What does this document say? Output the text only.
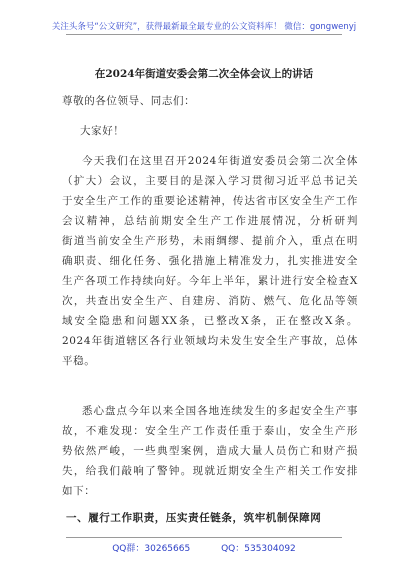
关注头条号“公文研究”，获得最新最全最专业的公文资料库！ 微信：gongwenyj
在2024年街道安委会第二次全体会议上的讲话
尊敬的各位领导、同志们：
大家好！
今天我们在这里召开2024年街道安委员会第二次全体
（扩大）会议，主要目的是深入学习贯彻习近平总书记关
于安全生产工作的重要论述精神，传达省市区安全生产工作
会议精神，总结前期安全生产工作进展情况，分析研判
街道当前安全生产形势，未雨绸缪、提前介入，重点在明
确职责、细化任务、强化措施上精准发力，扎实推进安全
生产各项工作持续向好。今年上半年，累计进行安全检查X
次，共查出安全生产、自建房、消防、燃气、危化品等领
域安全隐患和问题XX条，已整改X条，正在整改X条。
2024年街道辖区各行业领域均未发生安全生产事故，总体
平稳。
悉心盘点今年以来全国各地连续发生的多起安全生产事
故，不难发现：安全生产工作责任重于泰山，安全生产形
势依然严峻，一些典型案例，造成大量人员伤亡和财产损
失，给我们敲响了警钟。现就近期安全生产相关工作安排
如下：
一、履行工作职责，压实责任链条，筑牢机制保障网
QQ群：30265665	QQ：535304092
